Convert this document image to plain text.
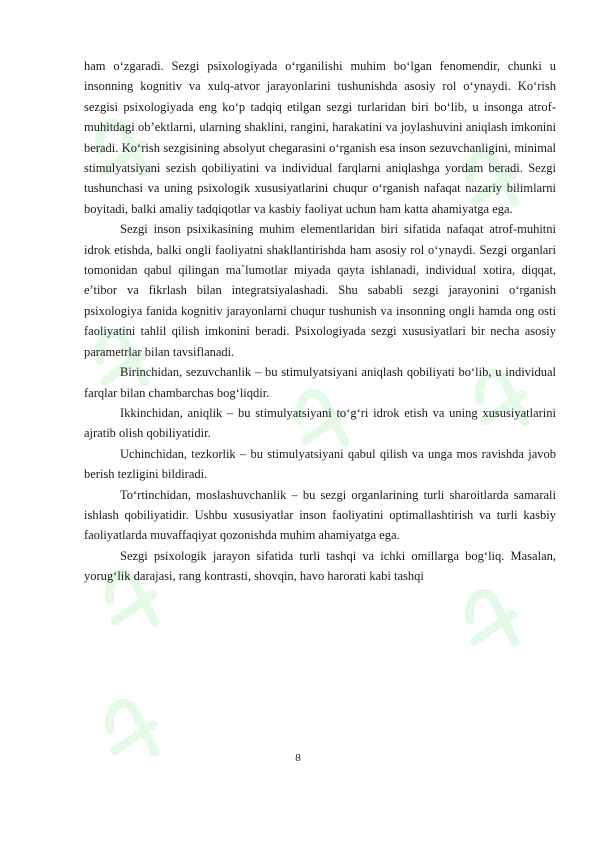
ham o‘zgaradi. Sezgi psixologiyada o‘rganilishi muhim bo‘lgan fenomendir, chunki u insonning kognitiv va xulq-atvor jarayonlarini tushunishda asosiy rol o‘ynaydi. Ko‘rish sezgisi psixologiyada eng ko‘p tadqiq etilgan sezgi turlaridan biri bo‘lib, u insonga atrof-muhitdagi ob’ektlarni, ularning shaklini, rangini, harakatini va joylashuvini aniqlash imkonini beradi. Ko‘rish sezgisining absolyut chegarasini o‘rganish esa inson sezuvchanligini, minimal stimulyatsiyani sezish qobiliyatini va individual farqlarni aniqlashga yordam beradi. Sezgi tushunchasi va uning psixologik xususiyatlarini chuqur o‘rganish nafaqat nazariy bilimlarni boyitadi, balki amaliy tadqiqotlar va kasbiy faoliyat uchun ham katta ahamiyatga ega.

Sezgi inson psixikasining muhim elementlaridan biri sifatida nafaqat atrof-muhitni idrok etishda, balki ongli faoliyatni shakllantirishda ham asosiy rol o‘ynaydi. Sezgi organlari tomonidan qabul qilingan ma`lumotlar miyada qayta ishlanadi, individual xotira, diqqat, e’tibor va fikrlash bilan integratsiyalashadi. Shu sababli sezgi jarayonini o‘rganish psixologiya fanida kognitiv jarayonlarni chuqur tushunish va insonning ongli hamda ong osti faoliyatini tahlil qilish imkonini beradi. Psixologiyada sezgi xususiyatlari bir necha asosiy parametrlar bilan tavsiflanadi.

Birinchidan, sezuvchanlik – bu stimulyatsiyani aniqlash qobiliyati bo‘lib, u individual farqlar bilan chambarchas bog‘liqdir.

Ikkinchidan, aniqlik – bu stimulyatsiyani to‘g‘ri idrok etish va uning xususiyatlarini ajratib olish qobiliyatidir.

Uchinchidan, tezkorlik – bu stimulyatsiyani qabul qilish va unga mos ravishda javob berish tezligini bildiradi.

To‘rtinchidan, moslashuvchanlik – bu sezgi organlarining turli sharoitlarda samarali ishlash qobiliyatidir. Ushbu xususiyatlar inson faoliyatini optimallashtirish va turli kasbiy faoliyatlarda muvaffaqiyat qozonishda muhim ahamiyatga ega.

Sezgi psixologik jarayon sifatida turli tashqi va ichki omillarga bog‘liq. Masalan, yorug‘lik darajasi, rang kontrasti, shovqin, havo harorati kabi tashqi

8
